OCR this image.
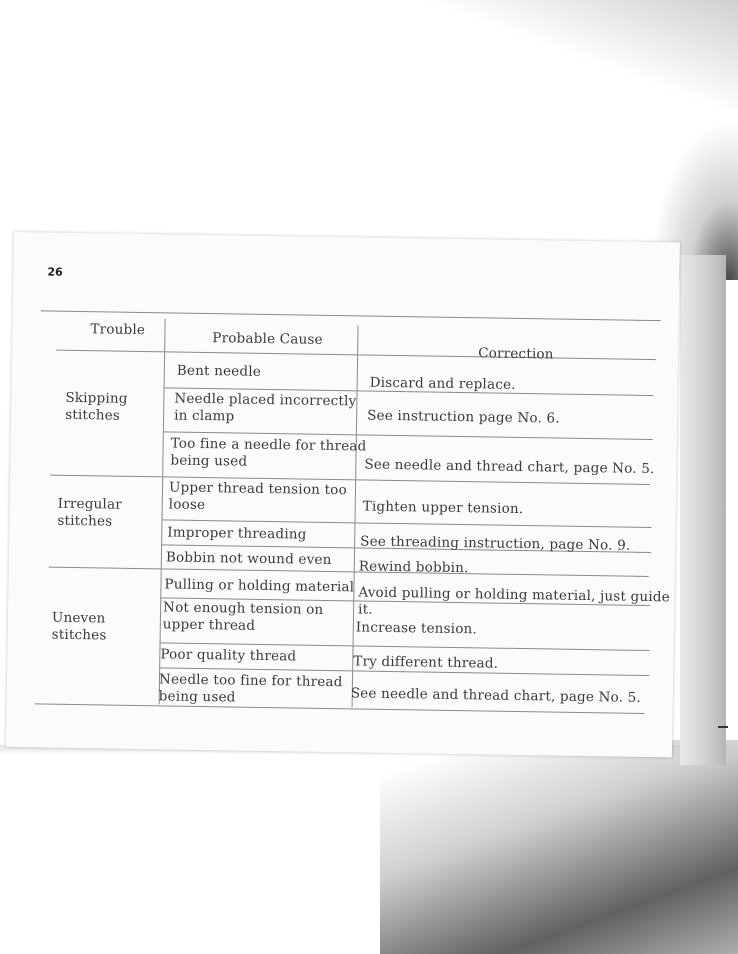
26
Trouble
Probable Cause
Correction
Skipping
stitches
Irregular
stitches
Uneven
stitches
Bent needle
Needle placed incorrectly
in clamp
Too fine a needle for thread
being used
Upper thread tension too
loose
Improper threading
Bobbin not wound even
Pulling or holding material
Not enough tension on
upper thread
Poor quality thread
Needle too fine for thread
being used
Discard and replace.
See instruction page No. 6.
See needle and thread chart, page No. 5.
Tighten upper tension.
See threading instruction, page No. 9.
Rewind bobbin.
Avoid pulling or holding material, just guide it.
Increase tension.
Try different thread.
See needle and thread chart, page No. 5.
